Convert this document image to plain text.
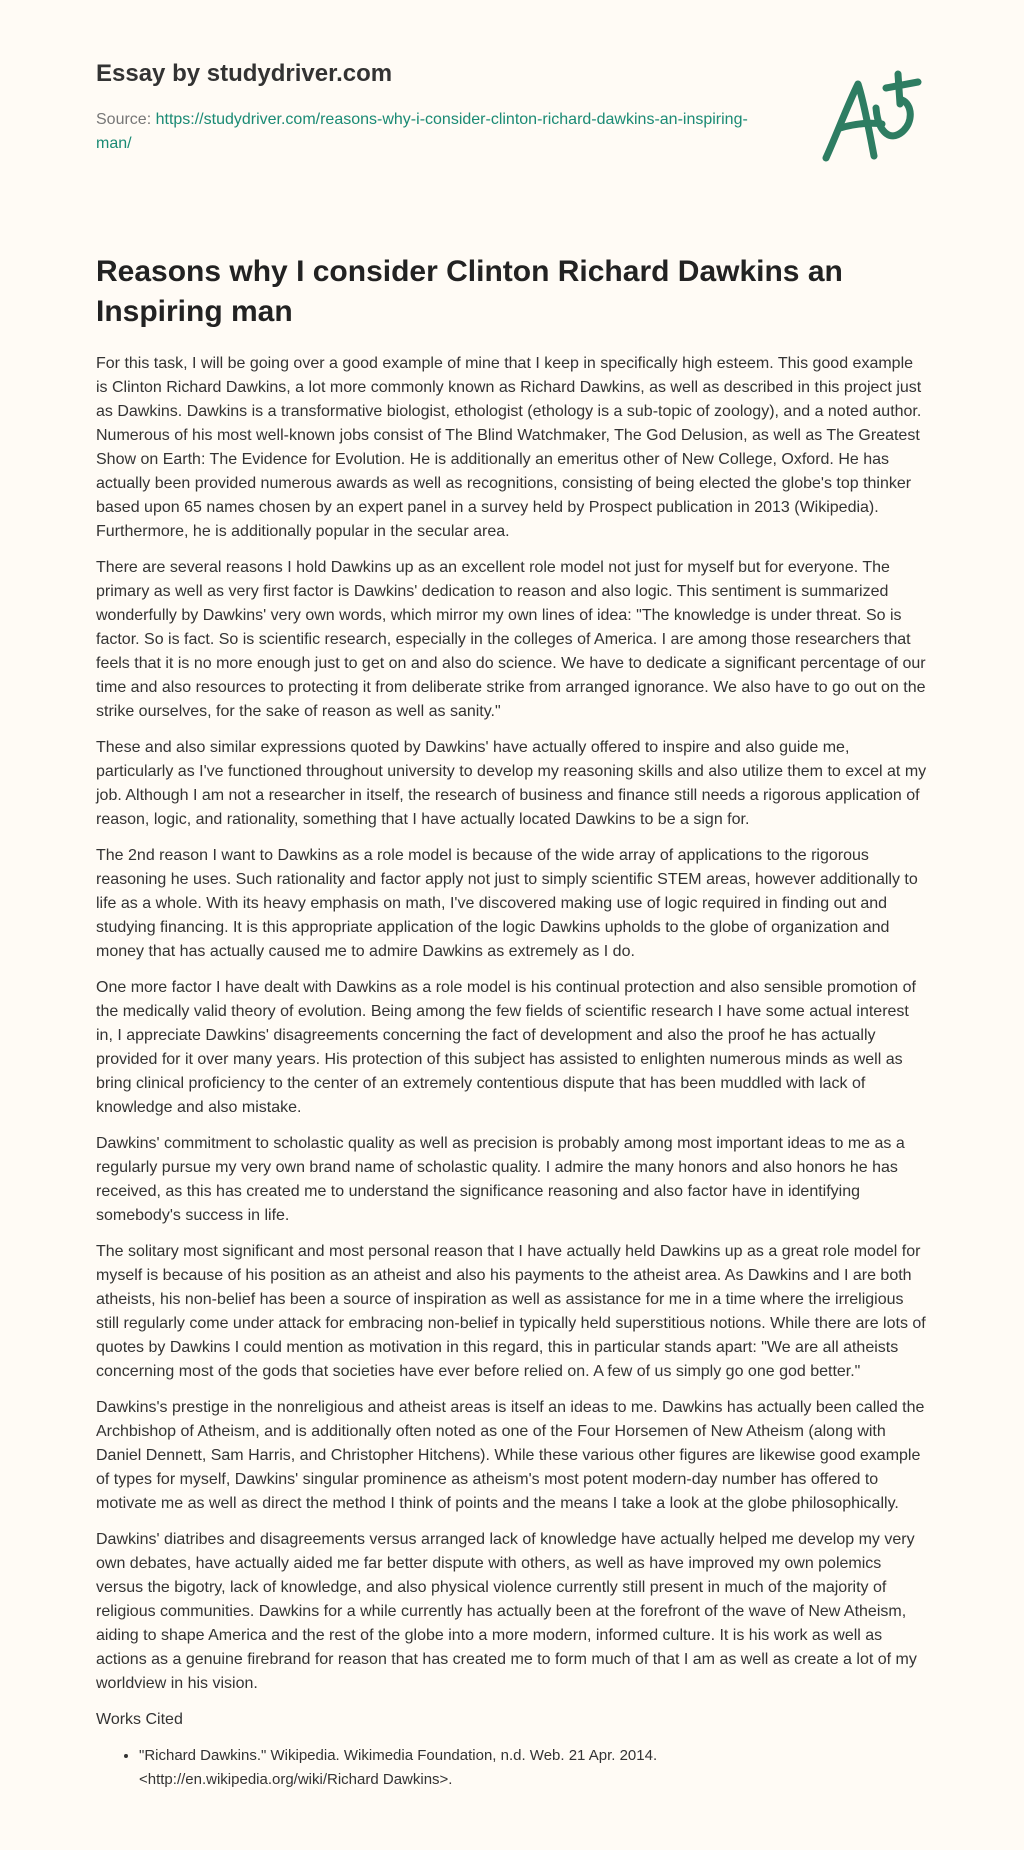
Essay by studydriver.com
Source: https://studydriver.com/reasons-why-i-consider-clinton-richard-dawkins-an-inspiring-man/
Reasons why I consider Clinton Richard Dawkins an Inspiring man

For this task, I will be going over a good example of mine that I keep in specifically high esteem. This good example is Clinton Richard Dawkins, a lot more commonly known as Richard Dawkins, as well as described in this project just as Dawkins. Dawkins is a transformative biologist, ethologist (ethology is a sub-topic of zoology), and a noted author. Numerous of his most well-known jobs consist of The Blind Watchmaker, The God Delusion, as well as The Greatest Show on Earth: The Evidence for Evolution. He is additionally an emeritus other of New College, Oxford. He has actually been provided numerous awards as well as recognitions, consisting of being elected the globe's top thinker based upon 65 names chosen by an expert panel in a survey held by Prospect publication in 2013 (Wikipedia). Furthermore, he is additionally popular in the secular area.

There are several reasons I hold Dawkins up as an excellent role model not just for myself but for everyone. The primary as well as very first factor is Dawkins' dedication to reason and also logic. This sentiment is summarized wonderfully by Dawkins' very own words, which mirror my own lines of idea: "The knowledge is under threat. So is factor. So is fact. So is scientific research, especially in the colleges of America. I are among those researchers that feels that it is no more enough just to get on and also do science. We have to dedicate a significant percentage of our time and also resources to protecting it from deliberate strike from arranged ignorance. We also have to go out on the strike ourselves, for the sake of reason as well as sanity."

These and also similar expressions quoted by Dawkins' have actually offered to inspire and also guide me, particularly as I've functioned throughout university to develop my reasoning skills and also utilize them to excel at my job. Although I am not a researcher in itself, the research of business and finance still needs a rigorous application of reason, logic, and rationality, something that I have actually located Dawkins to be a sign for.

The 2nd reason I want to Dawkins as a role model is because of the wide array of applications to the rigorous reasoning he uses. Such rationality and factor apply not just to simply scientific STEM areas, however additionally to life as a whole. With its heavy emphasis on math, I've discovered making use of logic required in finding out and studying financing. It is this appropriate application of the logic Dawkins upholds to the globe of organization and money that has actually caused me to admire Dawkins as extremely as I do.

One more factor I have dealt with Dawkins as a role model is his continual protection and also sensible promotion of the medically valid theory of evolution. Being among the few fields of scientific research I have some actual interest in, I appreciate Dawkins' disagreements concerning the fact of development and also the proof he has actually provided for it over many years. His protection of this subject has assisted to enlighten numerous minds as well as bring clinical proficiency to the center of an extremely contentious dispute that has been muddled with lack of knowledge and also mistake.

Dawkins' commitment to scholastic quality as well as precision is probably among most important ideas to me as a regularly pursue my very own brand name of scholastic quality. I admire the many honors and also honors he has received, as this has created me to understand the significance reasoning and also factor have in identifying somebody's success in life.

The solitary most significant and most personal reason that I have actually held Dawkins up as a great role model for myself is because of his position as an atheist and also his payments to the atheist area. As Dawkins and I are both atheists, his non-belief has been a source of inspiration as well as assistance for me in a time where the irreligious still regularly come under attack for embracing non-belief in typically held superstitious notions. While there are lots of quotes by Dawkins I could mention as motivation in this regard, this in particular stands apart: "We are all atheists concerning most of the gods that societies have ever before relied on. A few of us simply go one god better."

Dawkins's prestige in the nonreligious and atheist areas is itself an ideas to me. Dawkins has actually been called the Archbishop of Atheism, and is additionally often noted as one of the Four Horsemen of New Atheism (along with Daniel Dennett, Sam Harris, and Christopher Hitchens). While these various other figures are likewise good example of types for myself, Dawkins' singular prominence as atheism's most potent modern-day number has offered to motivate me as well as direct the method I think of points and the means I take a look at the globe philosophically.

Dawkins' diatribes and disagreements versus arranged lack of knowledge have actually helped me develop my very own debates, have actually aided me far better dispute with others, as well as have improved my own polemics versus the bigotry, lack of knowledge, and also physical violence currently still present in much of the majority of religious communities. Dawkins for a while currently has actually been at the forefront of the wave of New Atheism, aiding to shape America and the rest of the globe into a more modern, informed culture. It is his work as well as actions as a genuine firebrand for reason that has created me to form much of that I am as well as create a lot of my worldview in his vision.

Works Cited

• "Richard Dawkins." Wikipedia. Wikimedia Foundation, n.d. Web. 21 Apr. 2014. <http://en.wikipedia.org/wiki/Richard Dawkins>.
